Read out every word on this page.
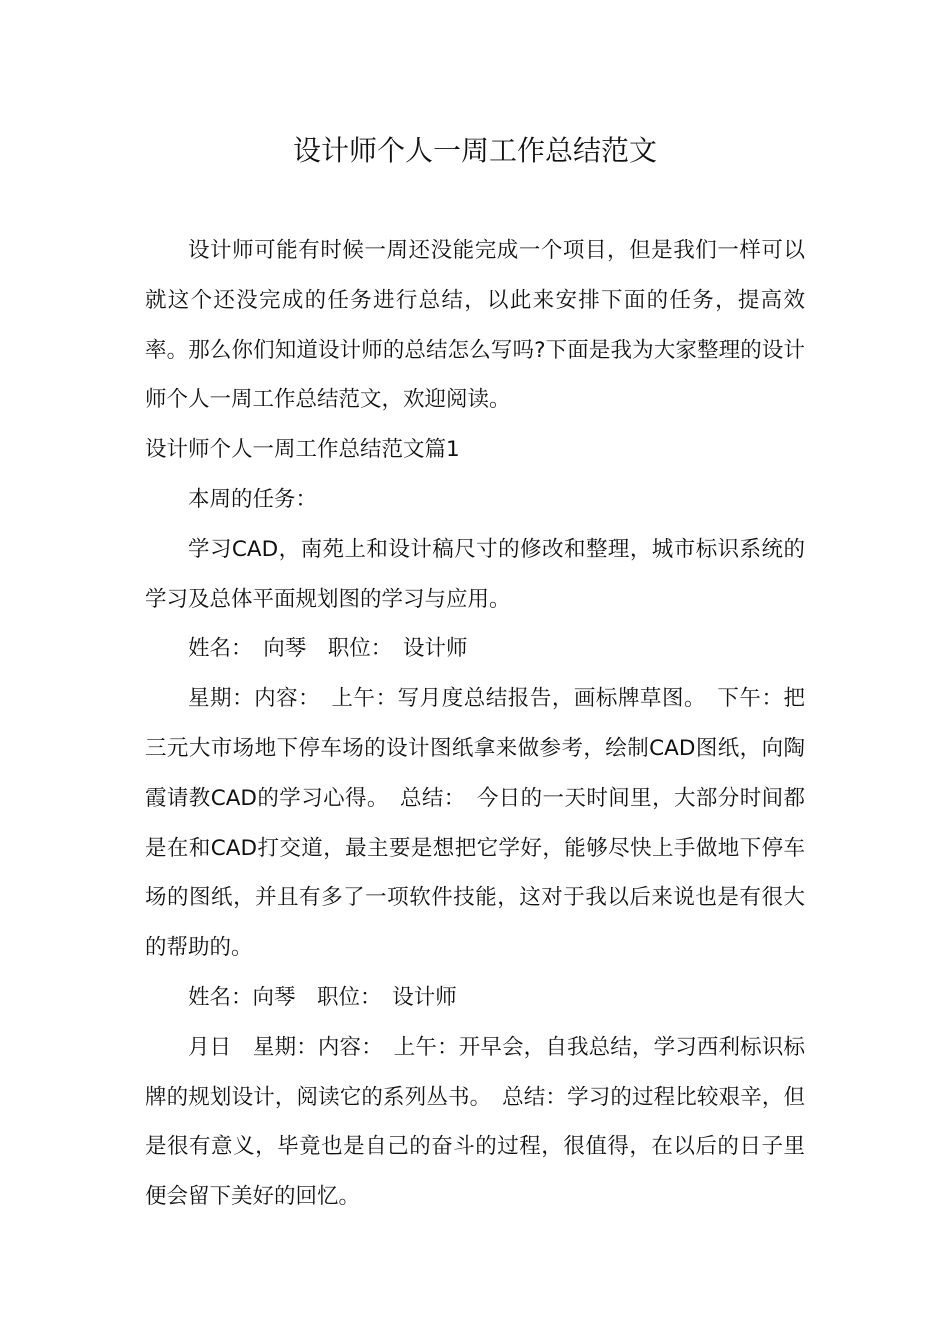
设计师个人一周工作总结范文

设计师可能有时候一周还没能完成一个项目，但是我们一样可以就这个还没完成的任务进行总结，以此来安排下面的任务，提高效率。那么你们知道设计师的总结怎么写吗?下面是我为大家整理的设计师个人一周工作总结范文，欢迎阅读。

设计师个人一周工作总结范文篇1

本周的任务：

学习CAD，南苑上和设计稿尺寸的修改和整理，城市标识系统的学习及总体平面规划图的学习与应用。

姓名：　向琴　职位：　设计师

星期：内容：　上午：写月度总结报告，画标牌草图。　下午：把三元大市场地下停车场的设计图纸拿来做参考，绘制CAD图纸，向陶霞请教CAD的学习心得。　总结：　今日的一天时间里，大部分时间都是在和CAD打交道，最主要是想把它学好，能够尽快上手做地下停车场的图纸，并且有多了一项软件技能，这对于我以后来说也是有很大的帮助的。

姓名：向琴　职位：　设计师

月日　星期：内容：　上午：开早会，自我总结，学习西利标识标牌的规划设计，阅读它的系列丛书。　总结：学习的过程比较艰辛，但是很有意义，毕竟也是自己的奋斗的过程，很值得，在以后的日子里便会留下美好的回忆。
